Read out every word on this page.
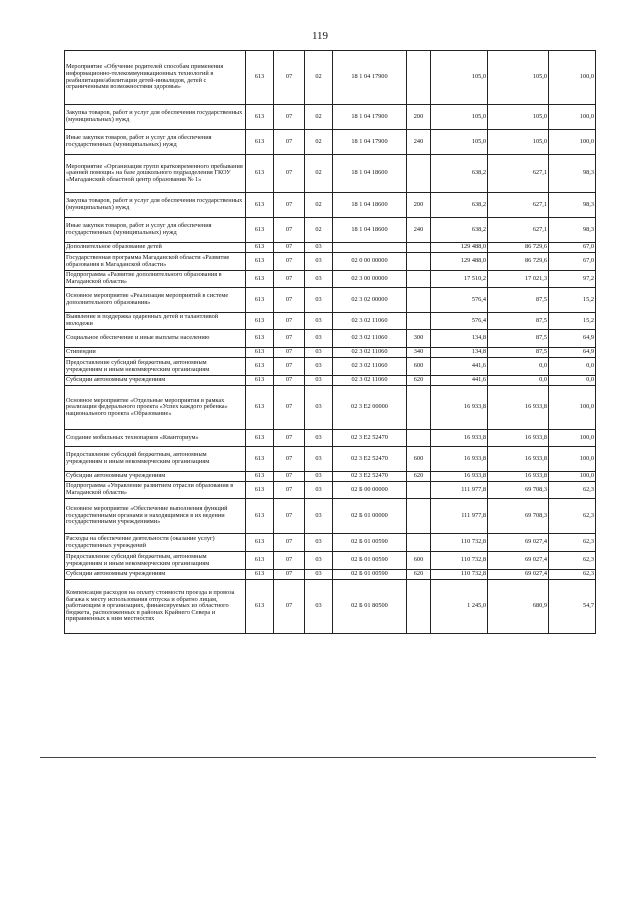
119
Мероприятие «Обучение родителей способам применения информационно-телекоммуникационных технологий в реабилитации/абилитации детей-инвалидов, детей с ограниченными возможностями здоровья»	613	07	02	18 1 04 17900		105,0	105,0	100,0
Закупка товаров, работ и услуг для обеспечения государственных (муниципальных) нужд	613	07	02	18 1 04 17900	200	105,0	105,0	100,0
Иные закупки товаров, работ и услуг для обеспечения государственных (муниципальных) нужд	613	07	02	18 1 04 17900	240	105,0	105,0	100,0
Мероприятие «Организация групп кратковременного пребывания «ранней помощи» на базе дошкольного подразделения ГКОУ «Магаданский областной центр образования № 1»	613	07	02	18 1 04 18600		638,2	627,1	98,3
Закупка товаров, работ и услуг для обеспечения государственных (муниципальных) нужд	613	07	02	18 1 04 18600	200	638,2	627,1	98,3
Иные закупки товаров, работ и услуг для обеспечения государственных (муниципальных) нужд	613	07	02	18 1 04 18600	240	638,2	627,1	98,3
Дополнительное образование детей	613	07	03			129 488,0	86 729,6	67,0
Государственная программа Магаданской области «Развитие образования в Магаданской области»	613	07	03	02 0 00 00000		129 488,0	86 729,6	67,0
Подпрограмма «Развитие дополнительного образования в Магаданской области»	613	07	03	02 3 00 00000		17 510,2	17 021,3	97,2
Основное мероприятие «Реализация мероприятий в системе дополнительного образования»	613	07	03	02 3 02 00000		576,4	87,5	15,2
Выявление и поддержка одаренных детей и талантливой молодежи	613	07	03	02 3 02 11060		576,4	87,5	15,2
Социальное обеспечение и иные выплаты населению	613	07	03	02 3 02 11060	300	134,8	87,5	64,9
Стипендии	613	07	03	02 3 02 11060	340	134,8	87,5	64,9
Предоставление субсидий бюджетным, автономным учреждениям и иным некоммерческим организациям	613	07	03	02 3 02 11060	600	441,6	0,0	0,0
Субсидии автономным учреждениям	613	07	03	02 3 02 11060	620	441,6	0,0	0,0
Основное мероприятие «Отдельные мероприятия в рамках реализации федерального проекта «Успех каждого ребенка» национального проекта «Образование»	613	07	03	02 3 E2 00000		16 933,8	16 933,8	100,0
Создание мобильных технопарков «Кванториум»	613	07	03	02 3 E2 52470		16 933,8	16 933,8	100,0
Предоставление субсидий бюджетным, автономным учреждениям и иным некоммерческим организациям	613	07	03	02 3 E2 52470	600	16 933,8	16 933,8	100,0
Субсидии автономным учреждениям	613	07	03	02 3 E2 52470	620	16 933,8	16 933,8	100,0
Подпрограмма «Управление развитием отрасли образования в Магаданской области»	613	07	03	02 Б 00 00000		111 977,8	69 708,3	62,3
Основное мероприятие «Обеспечение выполнения функций государственными органами и находящимися в их ведении государственными учреждениями»	613	07	03	02 Б 01 00000		111 977,8	69 708,3	62,3
Расходы на обеспечение деятельности (оказание услуг) государственных учреждений	613	07	03	02 Б 01 00590		110 732,8	69 027,4	62,3
Предоставление субсидий бюджетным, автономным учреждениям и иным некоммерческим организациям	613	07	03	02 Б 01 00590	600	110 732,8	69 027,4	62,3
Субсидии автономным учреждениям	613	07	03	02 Б 01 00590	620	110 732,8	69 027,4	62,3
Компенсация расходов на оплату стоимости проезда и провоза багажа к месту использования отпуска и обратно лицам, работающим в организациях, финансируемых из областного бюджета, расположенных в районах Крайнего Севера и приравненных к ним местностях	613	07	03	02 Б 01 80500		1 245,0	680,9	54,7
